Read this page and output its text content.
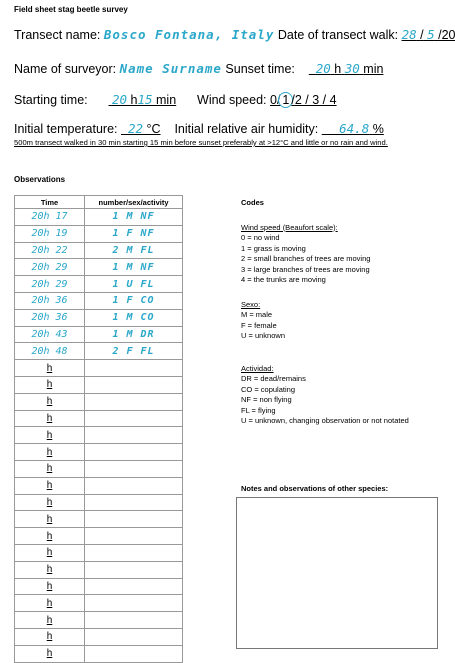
Field sheet stag beetle survey
Transect name: Bosco Fontana, Italy Date of transect walk: 28 / 5 /20
Name of surveyor: Name Surname Sunset time: 20 h 30 min
Starting time: 20 h15 min Wind speed: 0/ 1 /2 / 3 / 4
Initial temperature: 22 °C Initial relative air humidity: 64.8 %
500m transect walked in 30 min starting 15 min before sunset preferably at >12°C and little or no rain and wind.
Observations
Time	number/sex/activity
20h 17	1 M NF
20h 19	1 F NF
20h 22	2 M FL
20h 29	1 M NF
20h 29	1 U FL
20h 36	1 F CO
20h 36	1 M CO
20h 43	1 M DR
20h 48	2 F FL
h	
h	
h	
h	
h	
h	
h	
h	
h	
h	
h	
h	
h	
h	
h	
h	
h	
h	
Codes
Wind speed (Beaufort scale):
0 = no wind
1 = grass is moving
2 = small branches of trees are moving
3 = large branches of trees are moving
4 = the trunks are moving
Sexo:
M = male
F = female
U = unknown
Actividad:
DR = dead/remains
CO = copulating
NF = non flying
FL = flying
U = unknown, changing observation or not notated
Notes and observations of other species:
